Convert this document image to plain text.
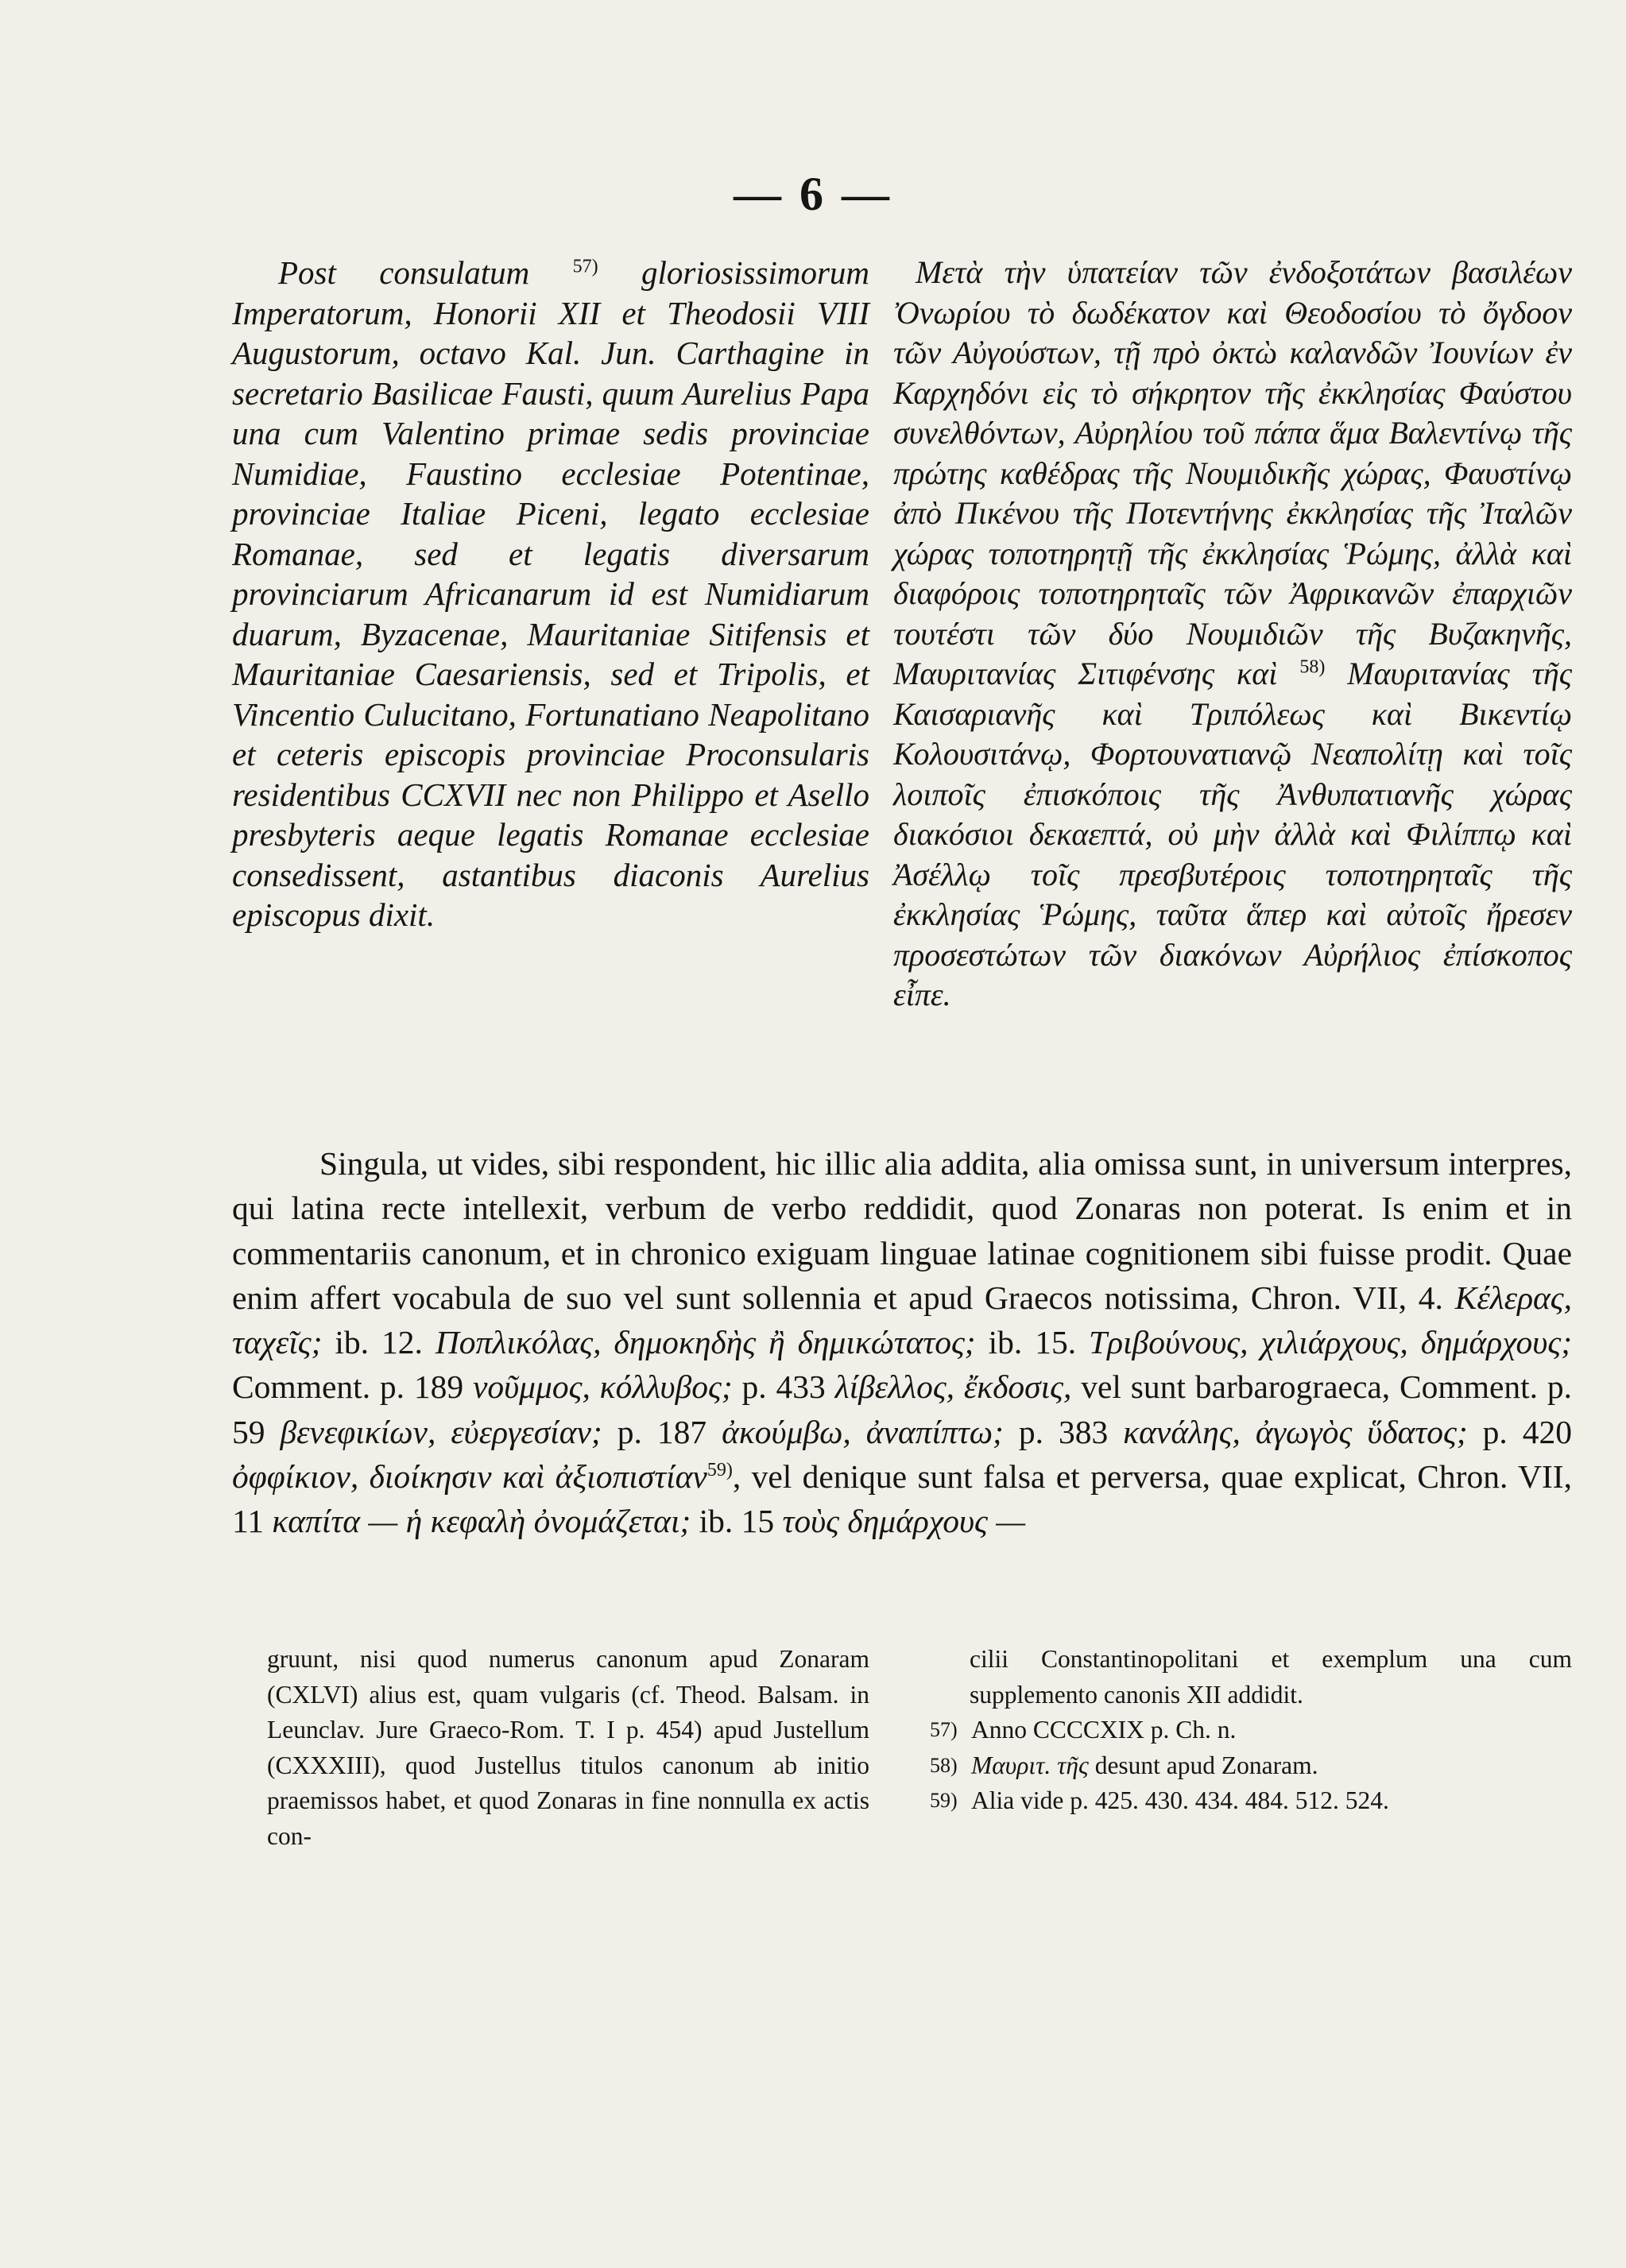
— 6 —

Post consulatum $^{57)}$ gloriosissimorum Imperatorum, Honorii XII et Theodosii VIII Augustorum, octavo Kal. Jun. Carthagine in secretario Basilicae Fausti, quum Aurelius Papa una cum Valentino primae sedis provinciae Numidiae, Faustino ecclesiae Potentinae, provinciae Italiae Piceni, legato ecclesiae Romanae, sed et legatis diversarum provinciarum Africanarum id est Numidiarum duarum, Byzacenae, Mauritaniae Sitifensis et Mauritaniae Caesariensis, sed et Tripolis, et Vincentio Culucitano, Fortunatiano Neapolitano et ceteris episcopis provinciae Proconsularis residentibus CCXVII nec non Philippo et Asello presbyteris aeque legatis Romanae ecclesiae consedissent, astantibus diaconis Aurelius episcopus dixit.

Μετὰ τὴν ὑπατείαν τῶν ἐνδοξοτάτων βασιλέων Ὀνωρίου τὸ δωδέκατον καὶ Θεοδοσίου τὸ ὄγδοον τῶν Αὐγούστων, τῇ πρὸ ὀκτὼ καλανδῶν Ἰουνίων ἐν Καρχηδόνι εἰς τὸ σήκρητον τῆς ἐκκλησίας Φαύστου συνελθόντων, Αὐρηλίου τοῦ πάπα ἅμα Βαλεντίνῳ τῆς πρώτης καθέδρας τῆς Νουμιδικῆς χώρας, Φαυστίνῳ ἀπὸ Πικένου τῆς Ποτεντήνης ἐκκλησίας τῆς Ἰταλῶν χώρας τοποτηρητῇ τῆς ἐκκλησίας Ῥώμης, ἀλλὰ καὶ διαφόροις τοποτηρηταῖς τῶν Ἀφρικανῶν ἐπαρχιῶν τουτέστι τῶν δύο Νουμιδιῶν τῆς Βυζακηνῆς, Μαυριτανίας Σιτιφένσης καὶ $^{58)}$ Μαυριτανίας τῆς Καισαριανῆς καὶ Τριπόλεως καὶ Βικεντίῳ Κολουσιτάνῳ, Φορτουνατιανῷ Νεαπολίτῃ καὶ τοῖς λοιποῖς ἐπισκόποις τῆς Ἀνθυπατιανῆς χώρας διακόσιοι δεκαεπτά, οὐ μὴν ἀλλὰ καὶ Φιλίππῳ καὶ Ἀσέλλῳ τοῖς πρεσβυτέροις τοποτηρηταῖς τῆς ἐκκλησίας Ῥώμης, ταῦτα ἅπερ καὶ αὐτοῖς ἤρεσεν προσεστώτων τῶν διακόνων Αὐρήλιος ἐπίσκοπος εἶπε.

Singula, ut vides, sibi respondent, hic illic alia addita, alia omissa sunt, in universum interpres, qui latina recte intellexit, verbum de verbo reddidit, quod Zonaras non poterat. Is enim et in commentariis canonum, et in chronico exiguam linguae latinae cognitionem sibi fuisse prodit. Quae enim affert vocabula de suo vel sunt sollennia et apud Graecos notissima, Chron. VII, 4. Κέλερας, ταχεῖς; ib. 12. Ποπλικόλας, δημοκηδὴς ἢ δημικώτατος; ib. 15. Τριβούνους, χιλιάρχους, δημάρχους; Comment. p. 189 νοῦμμος, κόλλυβος; p. 433 λίβελλος, ἔκδοσις, vel sunt barbarograeca, Comment. p. 59 βενεφικίων, εὐεργεσίαν; p. 187 ἀκούμβω, ἀναπίπτω; p. 383 κανάλης, ἀγωγὸς ὕδατος; p. 420 ὀφφίκιον, διοίκησιν καὶ ἀξιοπιστίαν$^{59)}$, vel denique sunt falsa et perversa, quae explicat, Chron. VII, 11 καπίτα — ἡ κεφαλὴ ὀνομάζεται; ib. 15 τοὺς δημάρχους —

gruunt, nisi quod numerus canonum apud Zonaram (CXLVI) alius est, quam vulgaris (cf. Theod. Balsam. in Leunclav. Jure Graeco-Rom. T. I p. 454) apud Justellum (CXXXIII), quod Justellus titulos canonum ab initio praemissos habet, et quod Zonaras in fine nonnulla ex actis con-

cilii Constantinopolitani et exemplum una cum supplemento canonis XII addidit.

57) Anno CCCCXIX p. Ch. n.
58) Μαυριτ. τῆς desunt apud Zonaram.
59) Alia vide p. 425. 430. 434. 484. 512. 524.
